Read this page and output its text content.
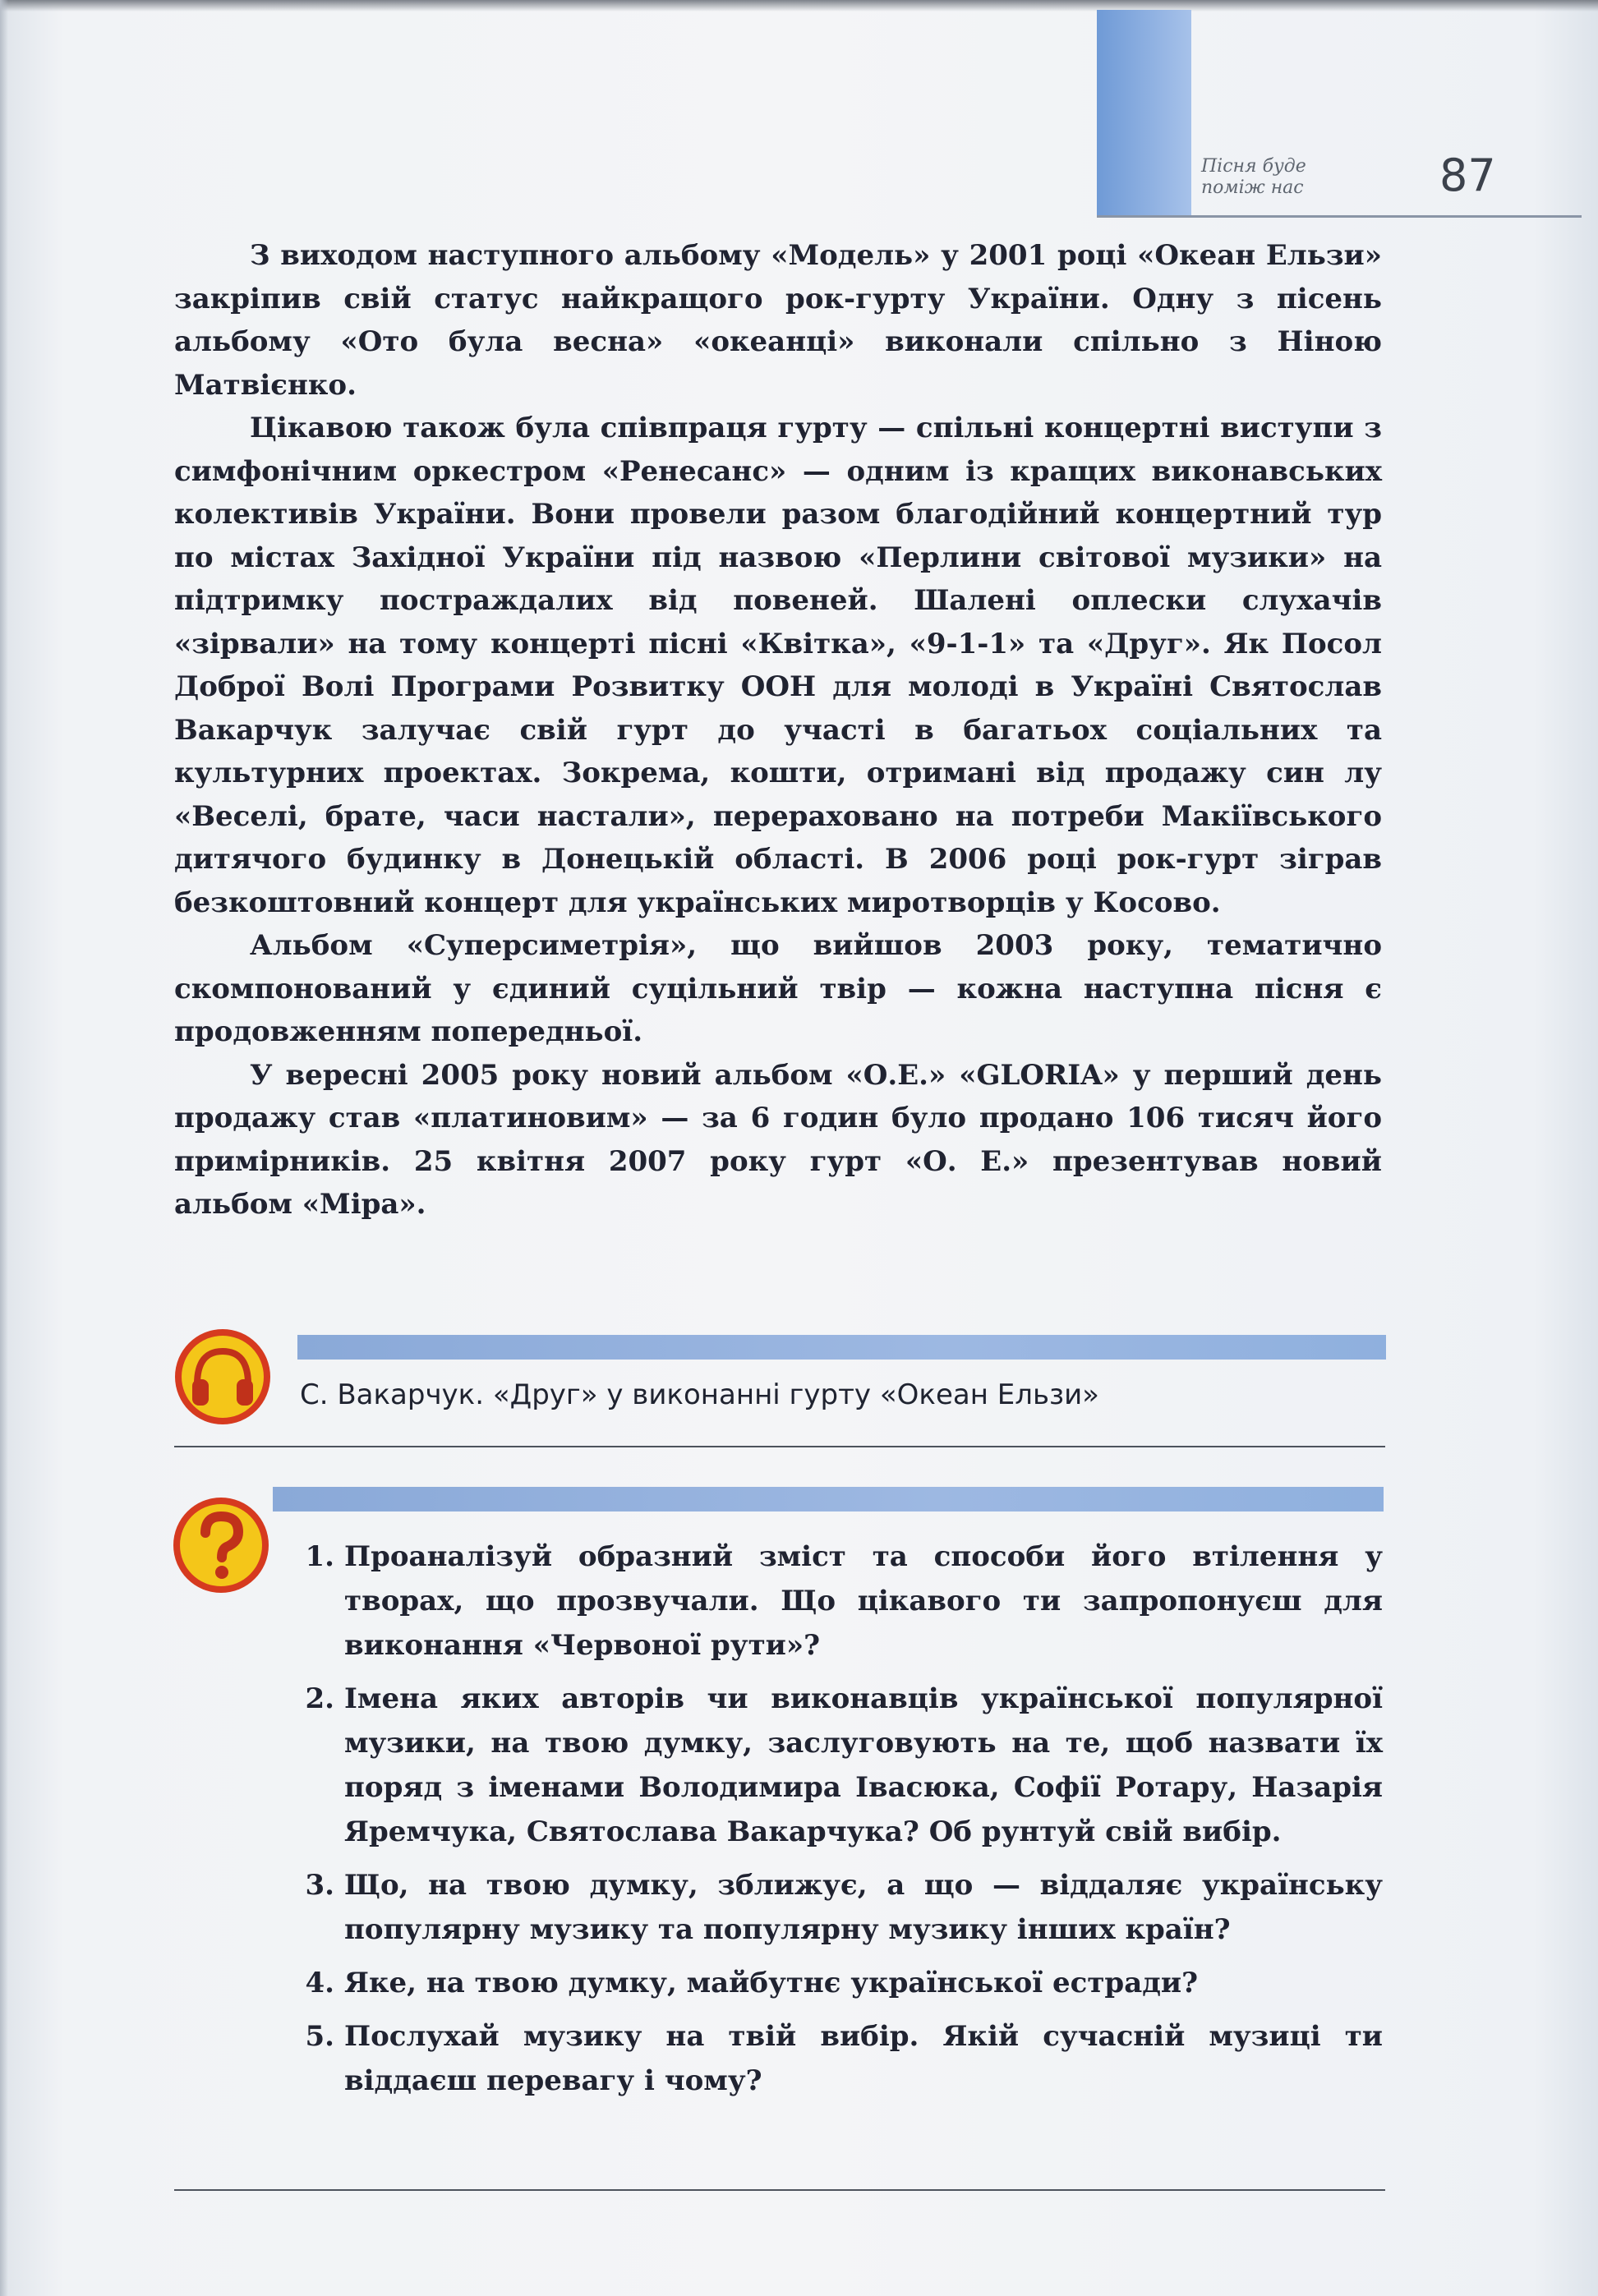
Пісня буде
поміж нас	87

З виходом наступного альбому «Модель» у 2001 році «Океан Ельзи» закріпив свій статус найкращого рок-гурту України. Одну з пісень альбому «Ото була весна» «океанці» виконали спільно з Ніною Матвієнко.

Цікавою також була співпраця гурту — спільні концертні виступи з симфонічним оркестром «Ренесанс» — одним із кращих виконавських колективів України. Вони провели разом благодійний концертний тур по містах Західної України під назвою «Перлини світової музики» на підтримку постраждалих від повеней. Шалені оплески слухачів «зірвали» на тому концерті пісні «Квітка», «9-1-1» та «Друг». Як Посол Доброї Волі Програми Розвитку ООН для молоді в Україні Святослав Вакарчук залучає свій гурт до участі в багатьох соціальних та культурних проектах. Зокрема, кошти, отримані від продажу син лу «Веселі, брате, часи настали», перераховано на потреби Макіївського дитячого будинку в Донецькій області. В 2006 році рок-гурт зіграв безкоштовний концерт для українських миротворців у Косово.

Альбом «Суперсиметрія», що вийшов 2003 року, тематично скомпонований у єдиний суцільний твір — кожна наступна пісня є продовженням попередньої.

У вересні 2005 року новий альбом «О.Е.» «GLORIA» у перший день продажу став «платиновим» — за 6 годин було продано 106 тисяч його примірників. 25 квітня 2007 року гурт «О. Е.» презентував новий альбом «Міра».

С. Вакарчук. «Друг» у виконанні гурту «Океан Ельзи»
1. Проаналізуй образний зміст та способи його втілення у творах, що прозвучали. Що цікавого ти запропонуєш для виконання «Червоної рути»?
2. Імена яких авторів чи виконавців української популярної музики, на твою думку, заслуговують на те, щоб назвати їх поряд з іменами Володимира Івасюка, Софії Ротару, Назарія Яремчука, Святослава Вакарчука? Об рунтуй свій вибір.
3. Що, на твою думку, зближує, а що — віддаляє українську популярну музику та популярну музику інших країн?
4. Яке, на твою думку, майбутнє української естради?
5. Послухай музику на твій вибір. Якій сучасній музиці ти віддаєш перевагу і чому?
